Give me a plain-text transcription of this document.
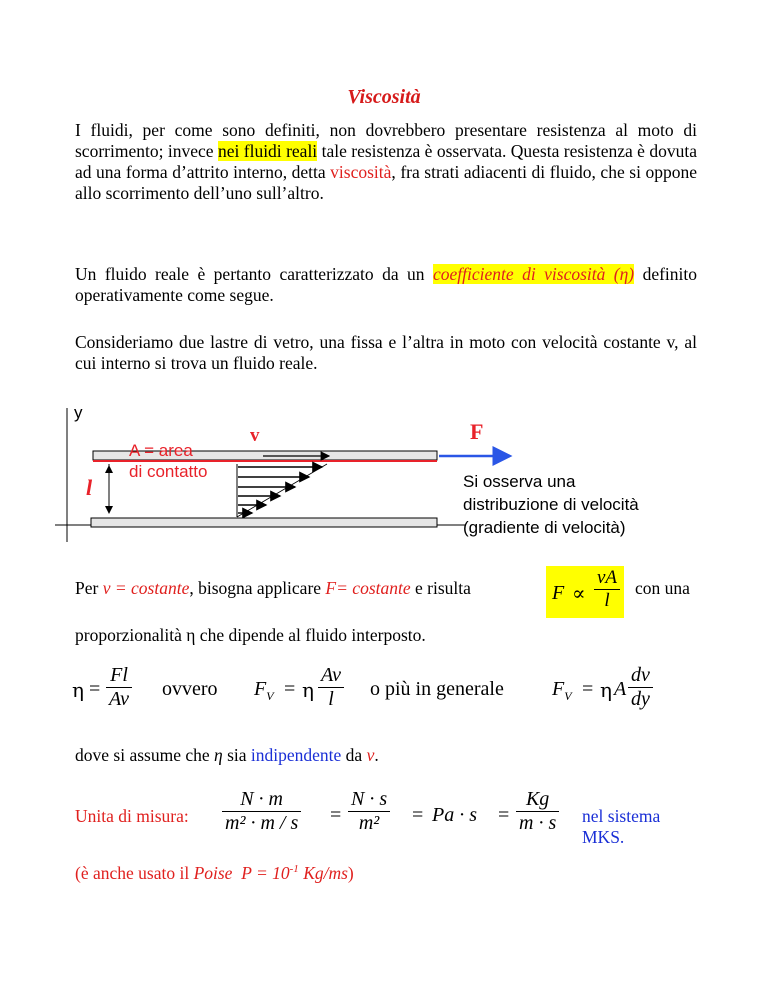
Viscosità
I fluidi, per come sono definiti, non dovrebbero presentare resistenza al moto di scorrimento; invece nei fluidi reali tale resistenza è osservata. Questa resistenza è dovuta ad una forma d’attrito interno, detta viscosità, fra strati adiacenti di fluido, che si oppone allo scorrimento dell’uno sull’altro.
Un fluido reale è pertanto caratterizzato da un coefficiente di viscosità (η) definito operativamente come segue.
Consideriamo due lastre di vetro, una fissa e l’altra in moto con velocità costante v, al cui interno si trova un fluido reale.
y
v	F
l
A = area
di contatto
Si osserva una
distribuzione di velocità
(gradiente di velocità)
Per v = costante, bisogna applicare F= costante e risulta	$F \propto \frac{vA}{l}$ con una
proporzionalità η che dipende al fluido interposto.
$\eta = \frac{Fl}{Av}$ ovvero $F_V = \eta \frac{Av}{l}$ o più in generale $F_V = \eta$ A $\frac{dv}{dy}$
dove si assume che η sia indipendente da v.
Unita di misura: $\frac{N \cdot m}{\text{m² · m / s}} = \frac{N \cdot s}{\text{m²}} = Pa \cdot s = \frac{Kg}{m \cdot s}$ nel sistema MKS.
(è anche usato il Poise $P = 10^{-1}$ Kg/ms)
